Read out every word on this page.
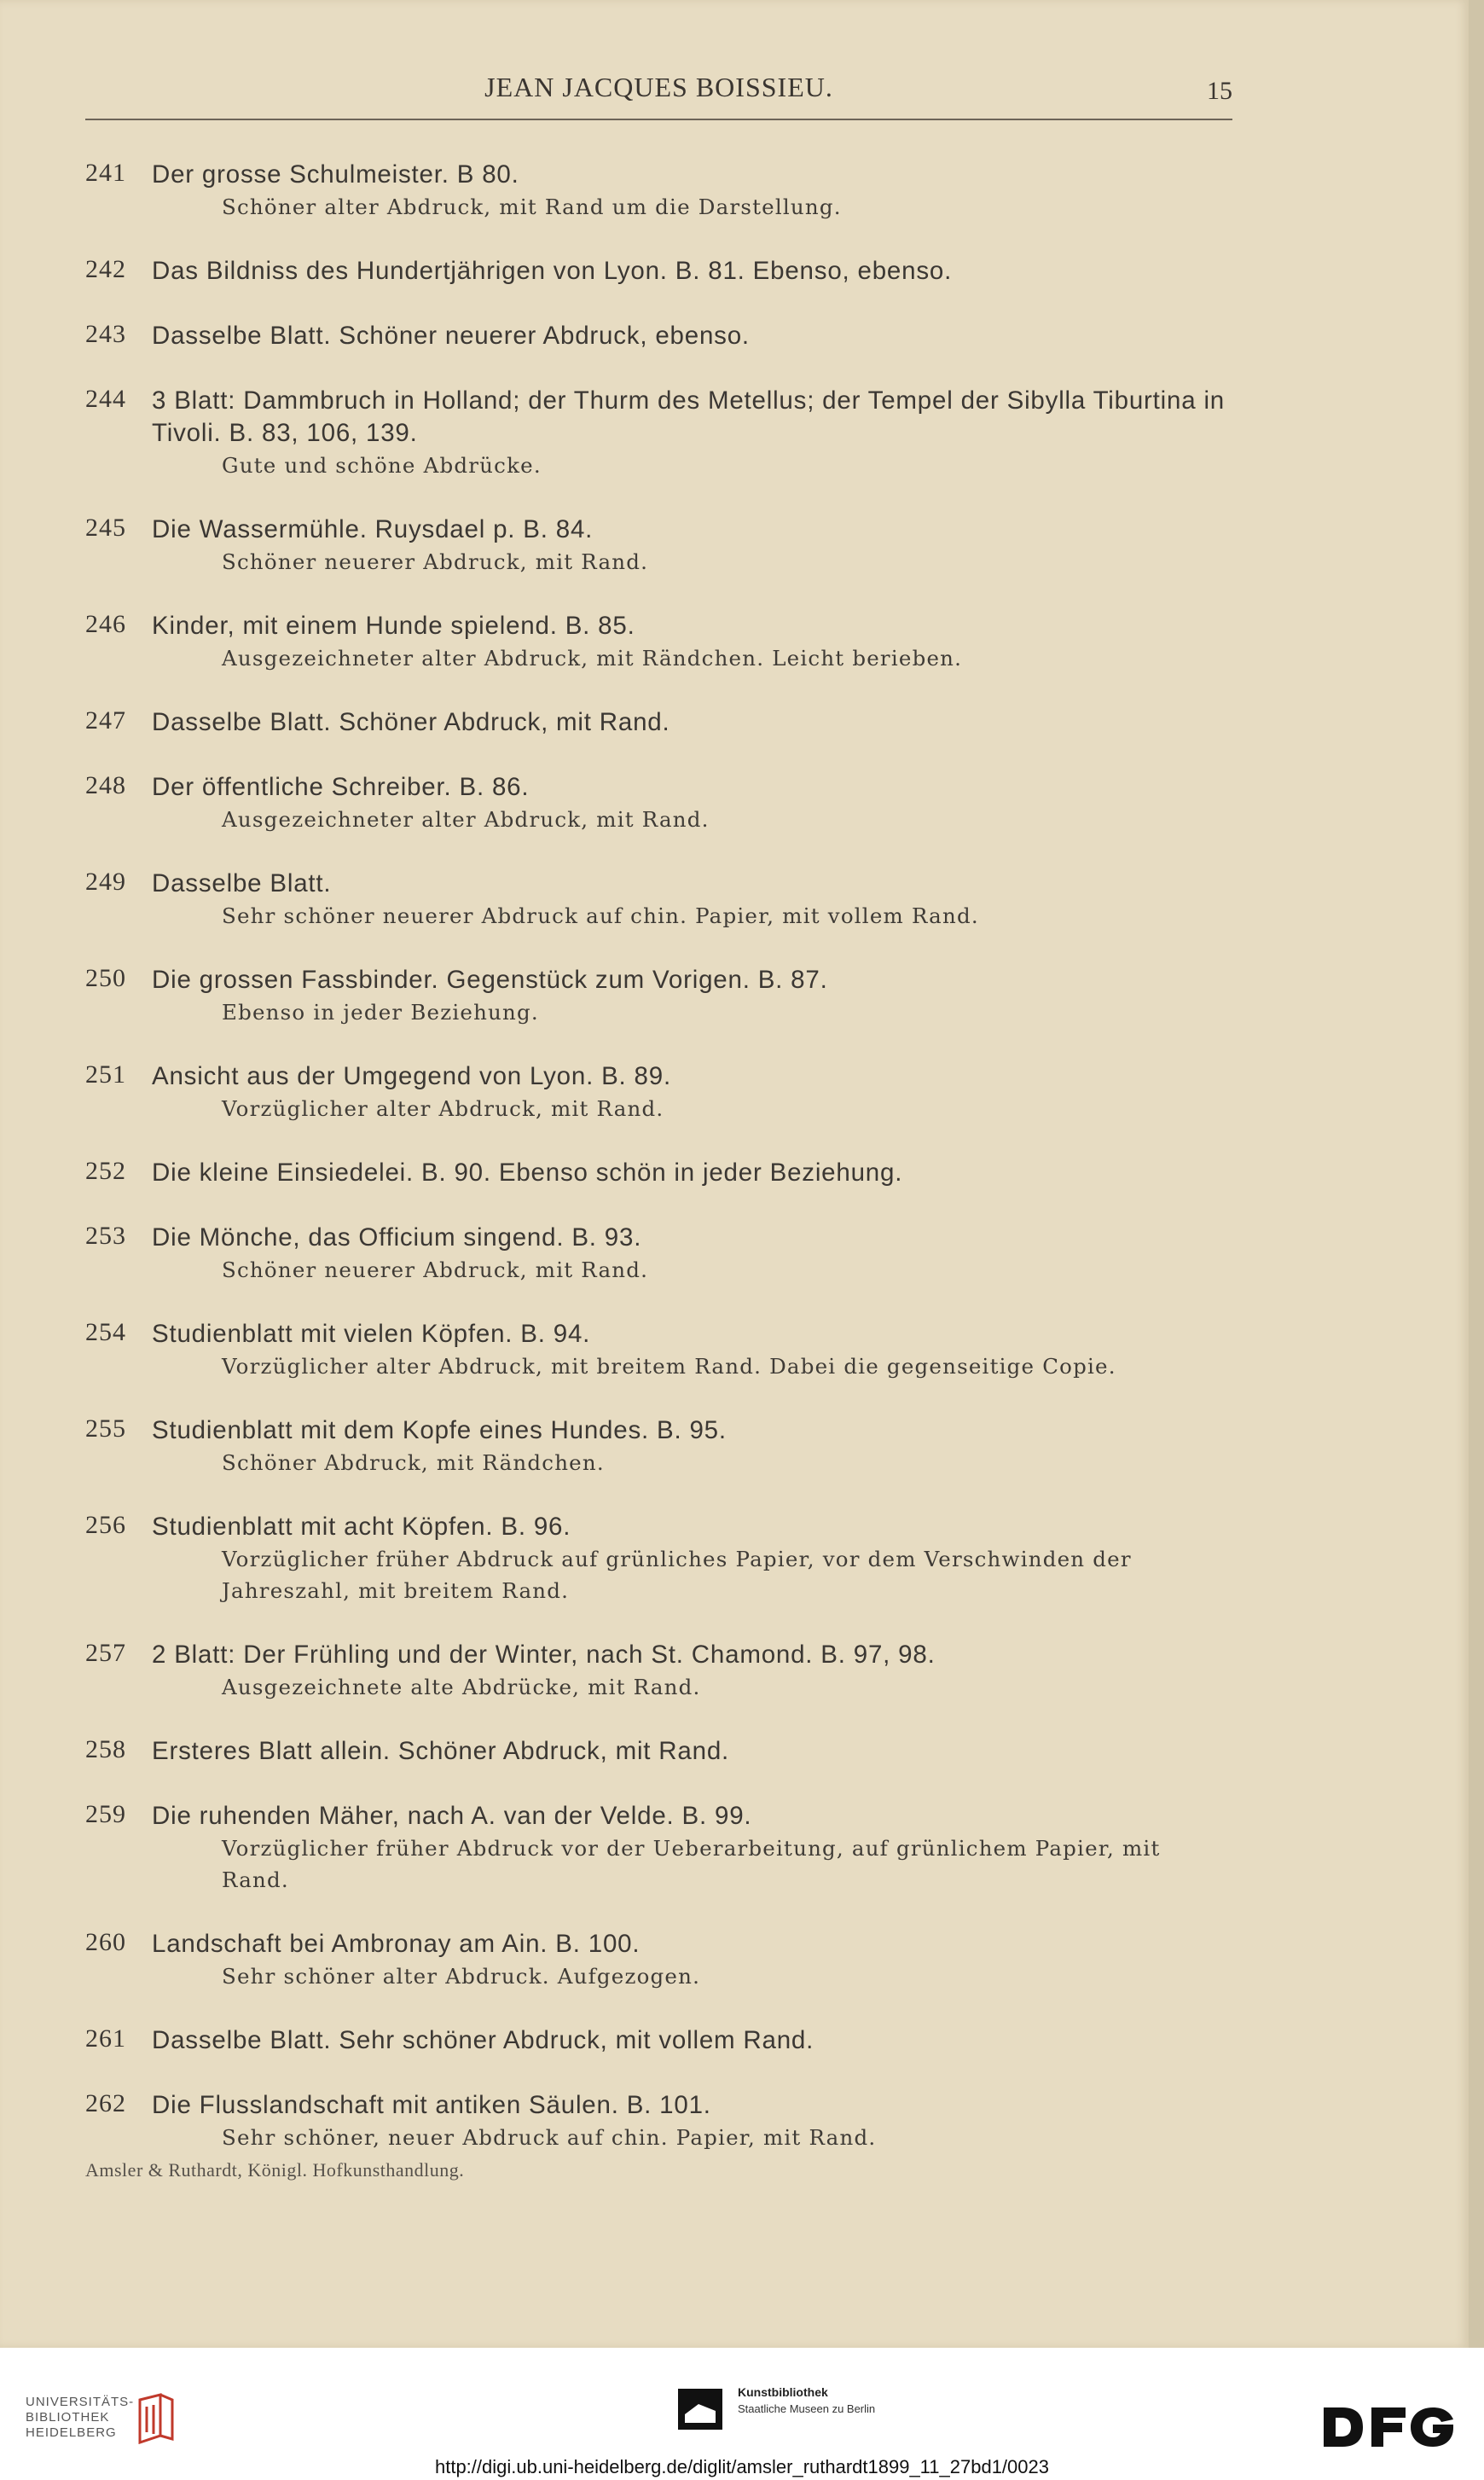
JEAN JACQUES BOISSIEU.	15
241 Der grosse Schulmeister. B 80.
Schöner alter Abdruck, mit Rand um die Darstellung.
242 Das Bildniss des Hundertjährigen von Lyon. B. 81. Ebenso, ebenso.
243 Dasselbe Blatt. Schöner neuerer Abdruck, ebenso.
244 3 Blatt: Dammbruch in Holland; der Thurm des Metellus; der Tempel der Sibylla Tiburtina in Tivoli. B. 83, 106, 139.
Gute und schöne Abdrücke.
245 Die Wassermühle. Ruysdael p. B. 84.
Schöner neuerer Abdruck, mit Rand.
246 Kinder, mit einem Hunde spielend. B. 85.
Ausgezeichneter alter Abdruck, mit Rändchen. Leicht berieben.
247 Dasselbe Blatt. Schöner Abdruck, mit Rand.
248 Der öffentliche Schreiber. B. 86.
Ausgezeichneter alter Abdruck, mit Rand.
249 Dasselbe Blatt.
Sehr schöner neuerer Abdruck auf chin. Papier, mit vollem Rand.
250 Die grossen Fassbinder. Gegenstück zum Vorigen. B. 87.
Ebenso in jeder Beziehung.
251 Ansicht aus der Umgegend von Lyon. B. 89.
Vorzüglicher alter Abdruck, mit Rand.
252 Die kleine Einsiedelei. B. 90. Ebenso schön in jeder Beziehung.
253 Die Mönche, das Officium singend. B. 93.
Schöner neuerer Abdruck, mit Rand.
254 Studienblatt mit vielen Köpfen. B. 94.
Vorzüglicher alter Abdruck, mit breitem Rand. Dabei die gegenseitige Copie.
255 Studienblatt mit dem Kopfe eines Hundes. B. 95.
Schöner Abdruck, mit Rändchen.
256 Studienblatt mit acht Köpfen. B. 96.
Vorzüglicher früher Abdruck auf grünliches Papier, vor dem Verschwinden der Jahreszahl, mit breitem Rand.
257 2 Blatt: Der Frühling und der Winter, nach St. Chamond. B. 97, 98.
Ausgezeichnete alte Abdrücke, mit Rand.
258 Ersteres Blatt allein. Schöner Abdruck, mit Rand.
259 Die ruhenden Mäher, nach A. van der Velde. B. 99.
Vorzüglicher früher Abdruck vor der Ueberarbeitung, auf grünlichem Papier, mit Rand.
260 Landschaft bei Ambronay am Ain. B. 100.
Sehr schöner alter Abdruck. Aufgezogen.
261 Dasselbe Blatt. Sehr schöner Abdruck, mit vollem Rand.
262 Die Flusslandschaft mit antiken Säulen. B. 101.
Sehr schöner, neuer Abdruck auf chin. Papier, mit Rand.
Amsler & Ruthardt, Königl. Hofkunsthandlung.
UNIVERSITÄTS-
BIBLIOTHEK
HEIDELBERG
Kunstbibliothek
Staatliche Museen zu Berlin
http://digi.ub.uni-heidelberg.de/diglit/amsler_ruthardt1899_11_27bd1/0023
